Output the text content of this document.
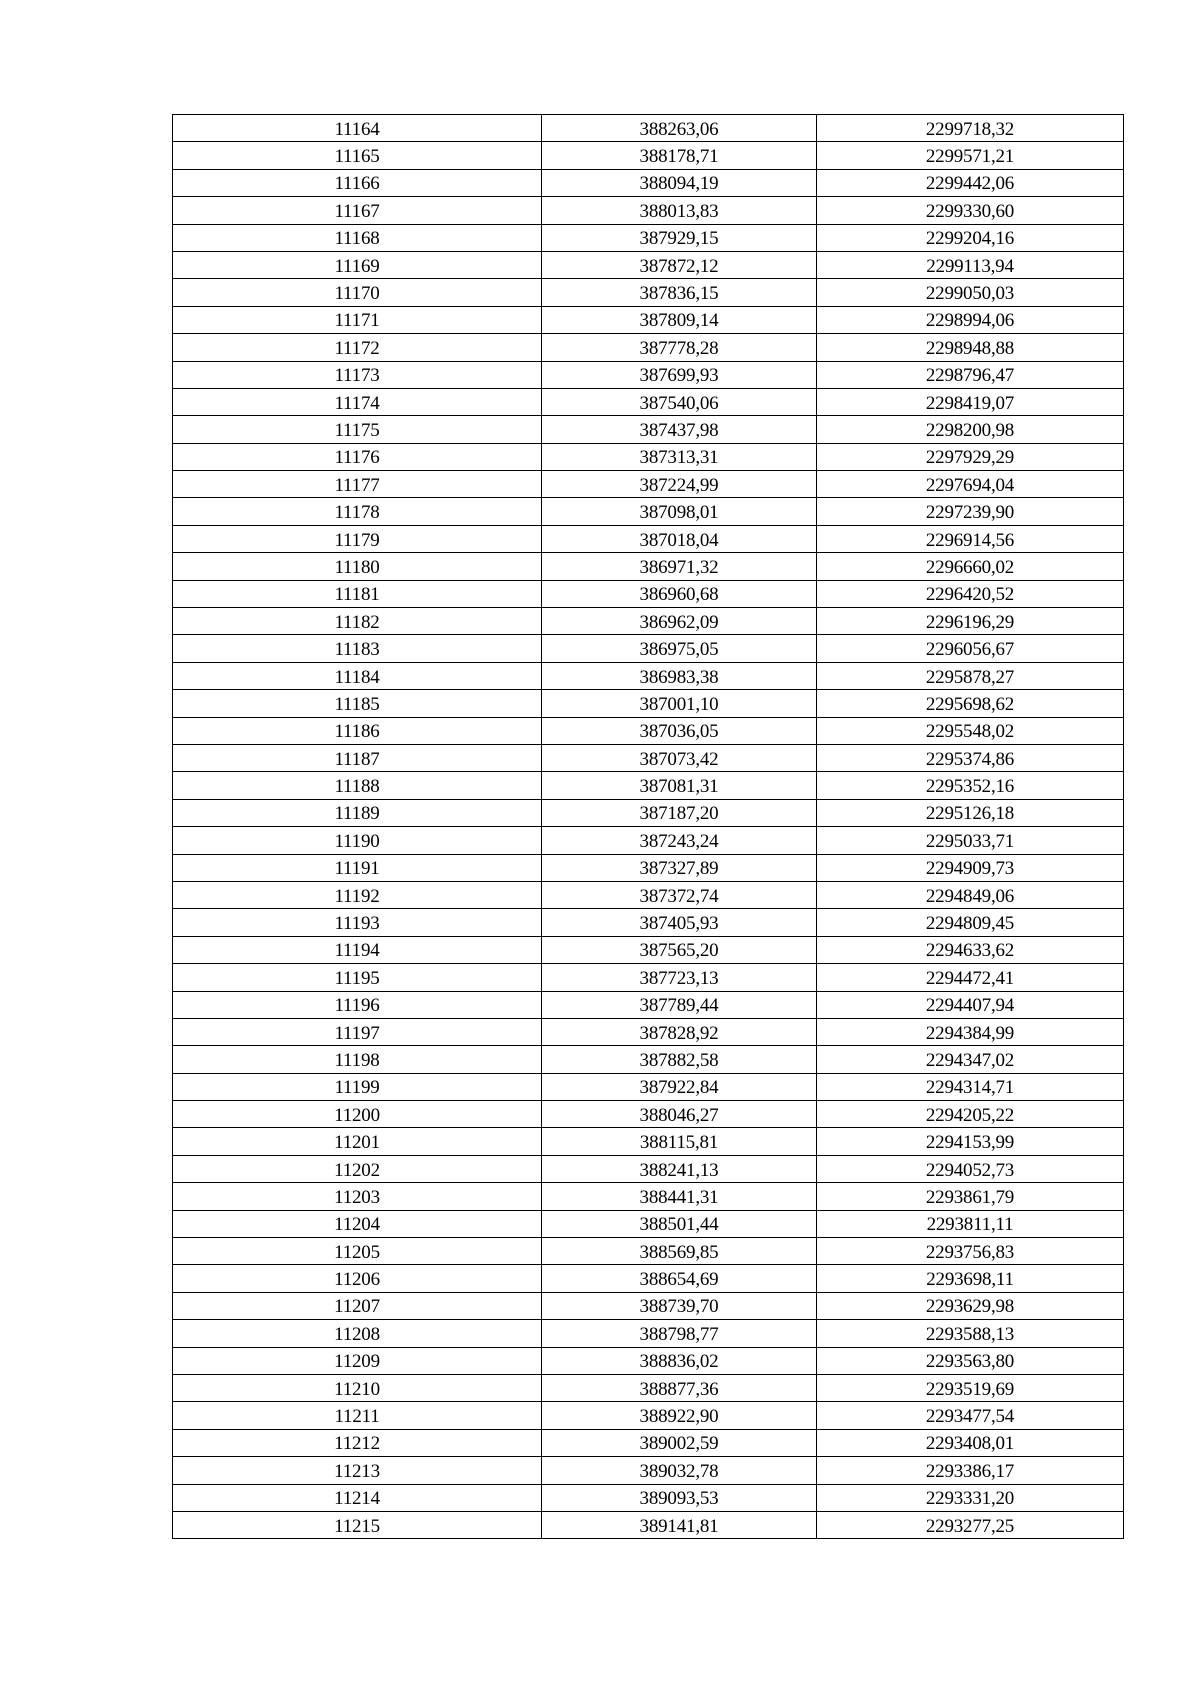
11164	388263,06	2299718,32
11165	388178,71	2299571,21
11166	388094,19	2299442,06
11167	388013,83	2299330,60
11168	387929,15	2299204,16
11169	387872,12	2299113,94
11170	387836,15	2299050,03
11171	387809,14	2298994,06
11172	387778,28	2298948,88
11173	387699,93	2298796,47
11174	387540,06	2298419,07
11175	387437,98	2298200,98
11176	387313,31	2297929,29
11177	387224,99	2297694,04
11178	387098,01	2297239,90
11179	387018,04	2296914,56
11180	386971,32	2296660,02
11181	386960,68	2296420,52
11182	386962,09	2296196,29
11183	386975,05	2296056,67
11184	386983,38	2295878,27
11185	387001,10	2295698,62
11186	387036,05	2295548,02
11187	387073,42	2295374,86
11188	387081,31	2295352,16
11189	387187,20	2295126,18
11190	387243,24	2295033,71
11191	387327,89	2294909,73
11192	387372,74	2294849,06
11193	387405,93	2294809,45
11194	387565,20	2294633,62
11195	387723,13	2294472,41
11196	387789,44	2294407,94
11197	387828,92	2294384,99
11198	387882,58	2294347,02
11199	387922,84	2294314,71
11200	388046,27	2294205,22
11201	388115,81	2294153,99
11202	388241,13	2294052,73
11203	388441,31	2293861,79
11204	388501,44	2293811,11
11205	388569,85	2293756,83
11206	388654,69	2293698,11
11207	388739,70	2293629,98
11208	388798,77	2293588,13
11209	388836,02	2293563,80
11210	388877,36	2293519,69
11211	388922,90	2293477,54
11212	389002,59	2293408,01
11213	389032,78	2293386,17
11214	389093,53	2293331,20
11215	389141,81	2293277,25
